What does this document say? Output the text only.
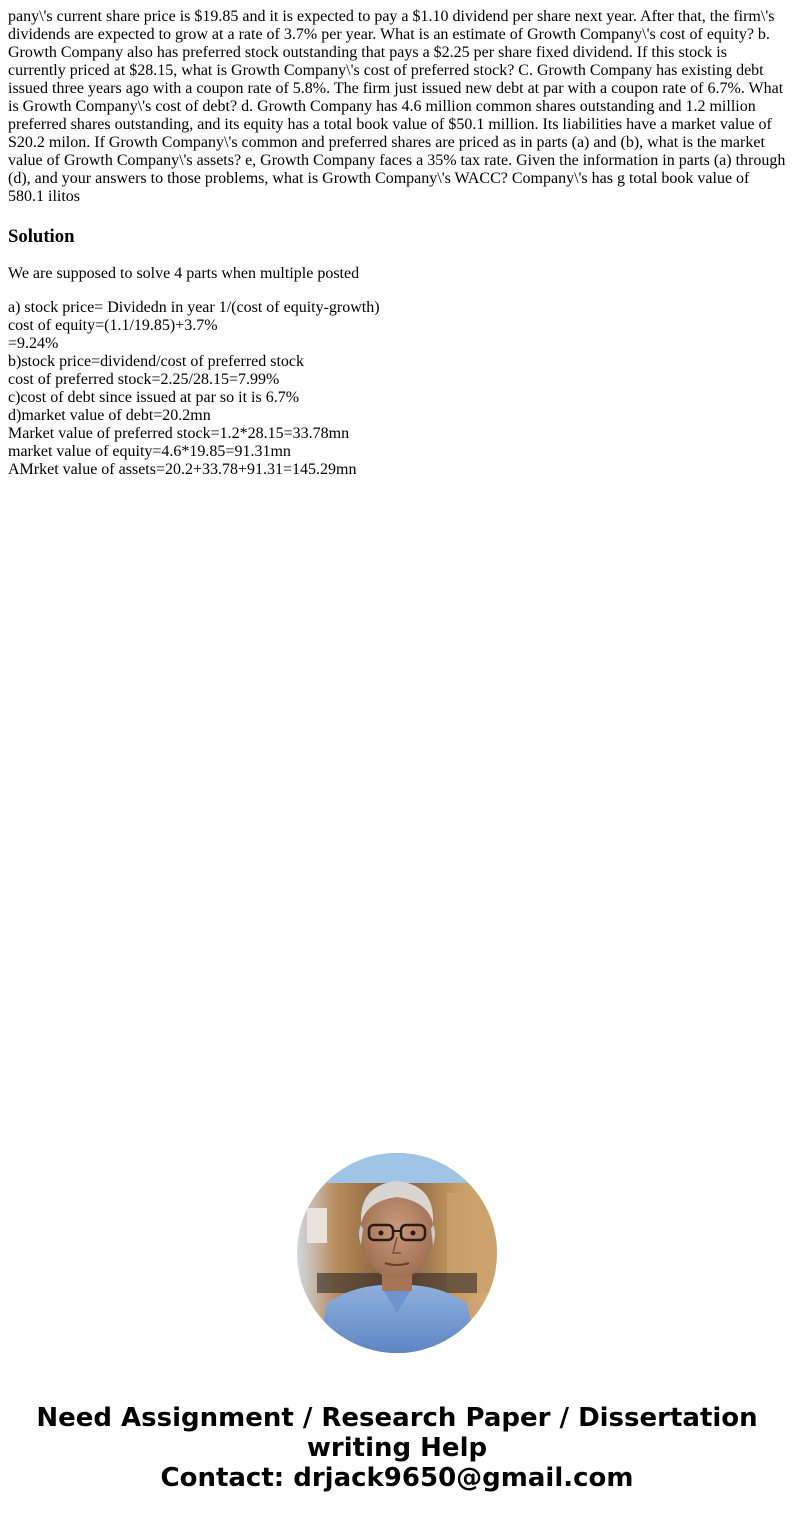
pany\'s current share price is $19.85 and it is expected to pay a $1.10 dividend per share next year. After that, the firm\'s dividends are expected to grow at a rate of 3.7% per year. What is an estimate of Growth Company\'s cost of equity? b. Growth Company also has preferred stock outstanding that pays a $2.25 per share fixed dividend. If this stock is currently priced at $28.15, what is Growth Company\'s cost of preferred stock? C. Growth Company has existing debt issued three years ago with a coupon rate of 5.8%. The firm just issued new debt at par with a coupon rate of 6.7%. What is Growth Company\'s cost of debt? d. Growth Company has 4.6 million common shares outstanding and 1.2 million preferred shares outstanding, and its equity has a total book value of $50.1 million. Its liabilities have a market value of S20.2 milon. If Growth Company\'s common and preferred shares are priced as in parts (a) and (b), what is the market value of Growth Company\'s assets? e, Growth Company faces a 35% tax rate. Given the information in parts (a) through (d), and your answers to those problems, what is Growth Company\'s WACC? Company\'s has g total book value of 580.1 ilitos

Solution

We are supposed to solve 4 parts when multiple posted

a) stock price= Dividedn in year 1/(cost of equity-growth)
cost of equity=(1.1/19.85)+3.7%
=9.24%
b)stock price=dividend/cost of preferred stock
cost of preferred stock=2.25/28.15=7.99%
c)cost of debt since issued at par so it is 6.7%
d)market value of debt=20.2mn
Market value of preferred stock=1.2*28.15=33.78mn
market value of equity=4.6*19.85=91.31mn
AMrket value of assets=20.2+33.78+91.31=145.29mn
Need Assignment / Research Paper / Dissertation
writing Help
Contact: drjack9650@gmail.com
